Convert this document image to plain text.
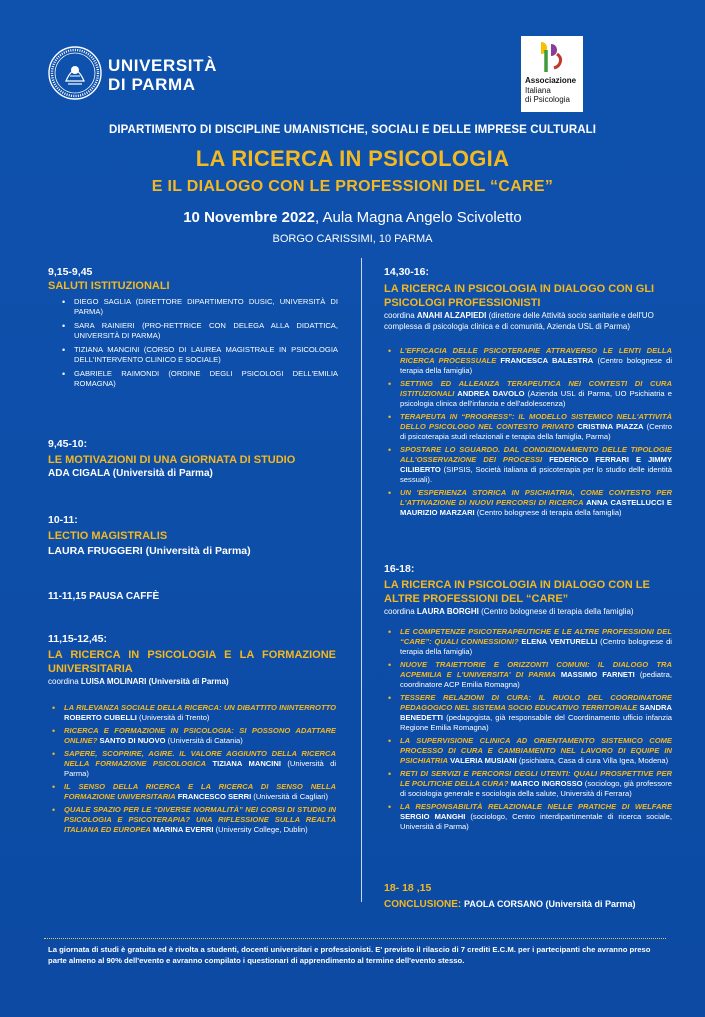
UNIVERSITÀ
DI PARMA	Associazione
Italiana
di Psicologia
DIPARTIMENTO DI DISCIPLINE UMANISTICHE, SOCIALI E DELLE IMPRESE CULTURALI
LA RICERCA IN PSICOLOGIA
E IL DIALOGO CON LE PROFESSIONI DEL “CARE”
10 Novembre 2022, Aula Magna Angelo Scivoletto
BORGO CARISSIMI, 10 PARMA
9,15-9,45
SALUTI ISTITUZIONALI
• DIEGO SAGLIA (DIRETTORE DIPARTIMENTO DUSIC, UNIVERSITÀ DI PARMA)
• SARA RAINIERI (PRO-RETTRICE CON DELEGA ALLA DIDATTICA, UNIVERSITÀ DI PARMA)
• TIZIANA MANCINI (CORSO DI LAUREA MAGISTRALE IN PSICOLOGIA DELL'INTERVENTO CLINICO E SOCIALE)
• GABRIELE RAIMONDI (ORDINE DEGLI PSICOLOGI DELL'EMILIA ROMAGNA)
9,45-10:
LE MOTIVAZIONI DI UNA GIORNATA DI STUDIO
ADA CIGALA (Università di Parma)
10-11:
LECTIO MAGISTRALIS
LAURA FRUGGERI (Università di Parma)
11-11,15 PAUSA CAFFÈ
11,15-12,45:
LA RICERCA IN PSICOLOGIA E LA FORMAZIONE UNIVERSITARIA
coordina LUISA MOLINARI (Università di Parma)
• LA RILEVANZA SOCIALE DELLA RICERCA: UN DIBATTITO ININTERROTTO ROBERTO CUBELLI (Università di Trento)
• RICERCA E FORMAZIONE IN PSICOLOGIA: SI POSSONO ADATTARE ONLINE? SANTO DI NUOVO (Università di Catania)
• SAPERE, SCOPRIRE, AGIRE. IL VALORE AGGIUNTO DELLA RICERCA NELLA FORMAZIONE PSICOLOGICA TIZIANA MANCINI (Università di Parma)
• IL SENSO DELLA RICERCA E LA RICERCA DI SENSO NELLA FORMAZIONE UNIVERSITARIA FRANCESCO SERRI (Università di Cagliari)
• QUALE SPAZIO PER LE “DIVERSE NORMALITÀ” NEI CORSI DI STUDIO IN PSICOLOGIA E PSICOTERAPIA? UNA RIFLESSIONE SULLA REALTÀ ITALIANA ED EUROPEA MARINA EVERRI (University College, Dublin)
14,30-16:
LA RICERCA IN PSICOLOGIA IN DIALOGO CON GLI PSICOLOGI PROFESSIONISTI
coordina ANAHI ALZAPIEDI (direttore delle Attività socio sanitarie e dell'UO complessa di psicologia clinica e di comunità, Azienda USL di Parma)
• L'EFFICACIA DELLE PSICOTERAPIE ATTRAVERSO LE LENTI DELLA RICERCA PROCESSUALE FRANCESCA BALESTRA (Centro bolognese di terapia della famiglia)
• SETTING ED ALLEANZA TERAPEUTICA NEI CONTESTI DI CURA ISTITUZIONALI ANDREA DAVOLO (Azienda USL di Parma, UO Psichiatria e psicologia clinica dell'infanzia e dell'adolescenza)
• TERAPEUTA IN “PROGRESS”: IL MODELLO SISTEMICO NELL'ATTIVITÀ DELLO PSICOLOGO NEL CONTESTO PRIVATO CRISTINA PIAZZA (Centro di psicoterapia studi relazionali e terapia della famiglia, Parma)
• SPOSTARE LO SGUARDO. DAL CONDIZIONAMENTO DELLE TIPOLOGIE ALL'OSSERVAZIONE DEI PROCESSI FEDERICO FERRARI E JIMMY CILIBERTO (SIPSIS, Società italiana di psicoterapia per lo studio delle identità sessuali).
• UN 'ESPERIENZA STORICA IN PSICHIATRIA, COME CONTESTO PER L'ATTIVAZIONE DI NUOVI PERCORSI DI RICERCA ANNA CASTELLUCCI E MAURIZIO MARZARI (Centro bolognese di terapia della famiglia)
16-18:
LA RICERCA IN PSICOLOGIA IN DIALOGO CON LE ALTRE PROFESSIONI DEL “CARE”
coordina LAURA BORGHI (Centro bolognese di terapia della famiglia)
• LE COMPETENZE PSICOTERAPEUTICHE E LE ALTRE PROFESSIONI DEL “CARE”: QUALI CONNESSIONI? ELENA VENTURELLI (Centro bolognese di terapia della famiglia)
• NUOVE TRAIETTORIE E ORIZZONTI COMUNI: IL DIALOGO TRA ACPEMILIA E L'UNIVERSITA' DI PARMA MASSIMO FARNETI (pediatra, coordinatore ACP Emilia Romagna)
• TESSERE RELAZIONI DI CURA: IL RUOLO DEL COORDINATORE PEDAGOGICO NEL SISTEMA SOCIO EDUCATIVO TERRITORIALE SANDRA BENEDETTI (pedagogista, già responsabile del Coordinamento ufficio infanzia Regione Emilia Romagna)
• LA SUPERVISIONE CLINICA AD ORIENTAMENTO SISTEMICO COME PROCESSO DI CURA E CAMBIAMENTO NEL LAVORO DI EQUIPE IN PSICHIATRIA VALERIA MUSIANI (psichiatra, Casa di cura Villa Igea, Modena)
• RETI DI SERVIZI E PERCORSI DEGLI UTENTI: QUALI PROSPETTIVE PER LE POLITICHE DELLA CURA? MARCO INGROSSO (sociologo, già professore di sociologia generale e sociologia della salute, Università di Ferrara)
• LA RESPONSABILITÀ RELAZIONALE NELLE PRATICHE DI WELFARE SERGIO MANGHI (sociologo, Centro interdipartimentale di ricerca sociale, Università di Parma)
18- 18 ,15
CONCLUSIONE: PAOLA CORSANO (Università di Parma)
La giornata di studi è gratuita ed è rivolta a studenti, docenti universitari e professionisti. E' previsto il rilascio di 7 crediti E.C.M. per i partecipanti che avranno preso parte almeno al 90% dell'evento e avranno compilato i questionari di apprendimento al termine dell'evento stesso.
